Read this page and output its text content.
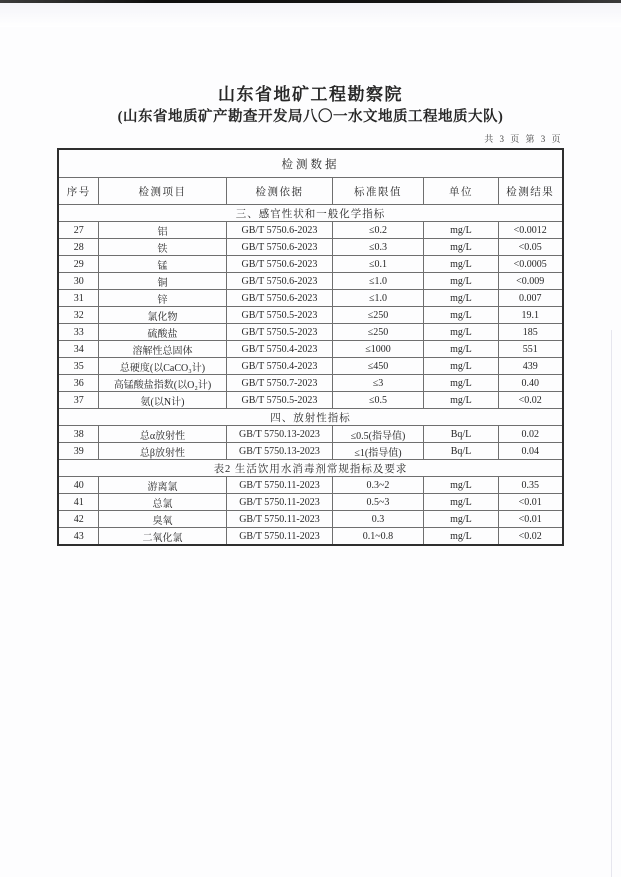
山东省地矿工程勘察院
(山东省地质矿产勘查开发局八〇一水文地质工程地质大队)
共 3 页 第 3 页
检测数据					
序号	检测项目	检测依据	标准限值	单位	检测结果
三、感官性状和一般化学指标					
27	铝	GB/T 5750.6-2023	≤0.2	mg/L	<0.0012
28	铁	GB/T 5750.6-2023	≤0.3	mg/L	<0.05
29	锰	GB/T 5750.6-2023	≤0.1	mg/L	<0.0005
30	铜	GB/T 5750.6-2023	≤1.0	mg/L	<0.009
31	锌	GB/T 5750.6-2023	≤1.0	mg/L	0.007
32	氯化物	GB/T 5750.5-2023	≤250	mg/L	19.1
33	硫酸盐	GB/T 5750.5-2023	≤250	mg/L	185
34	溶解性总固体	GB/T 5750.4-2023	≤1000	mg/L	551
35	总硬度(以CaCO₃计)	GB/T 5750.4-2023	≤450	mg/L	439
36	高锰酸盐指数(以O₂计)	GB/T 5750.7-2023	≤3	mg/L	0.40
37	氨(以N计)	GB/T 5750.5-2023	≤0.5	mg/L	<0.02
四、放射性指标					
38	总α放射性	GB/T 5750.13-2023	≤0.5(指导值)	Bq/L	0.02
39	总β放射性	GB/T 5750.13-2023	≤1(指导值)	Bq/L	0.04
表2 生活饮用水消毒剂常规指标及要求					
40	游离氯	GB/T 5750.11-2023	0.3~2	mg/L	0.35
41	总氯	GB/T 5750.11-2023	0.5~3	mg/L	<0.01
42	臭氧	GB/T 5750.11-2023	0.3	mg/L	<0.01
43	二氧化氯	GB/T 5750.11-2023	0.1~0.8	mg/L	<0.02
